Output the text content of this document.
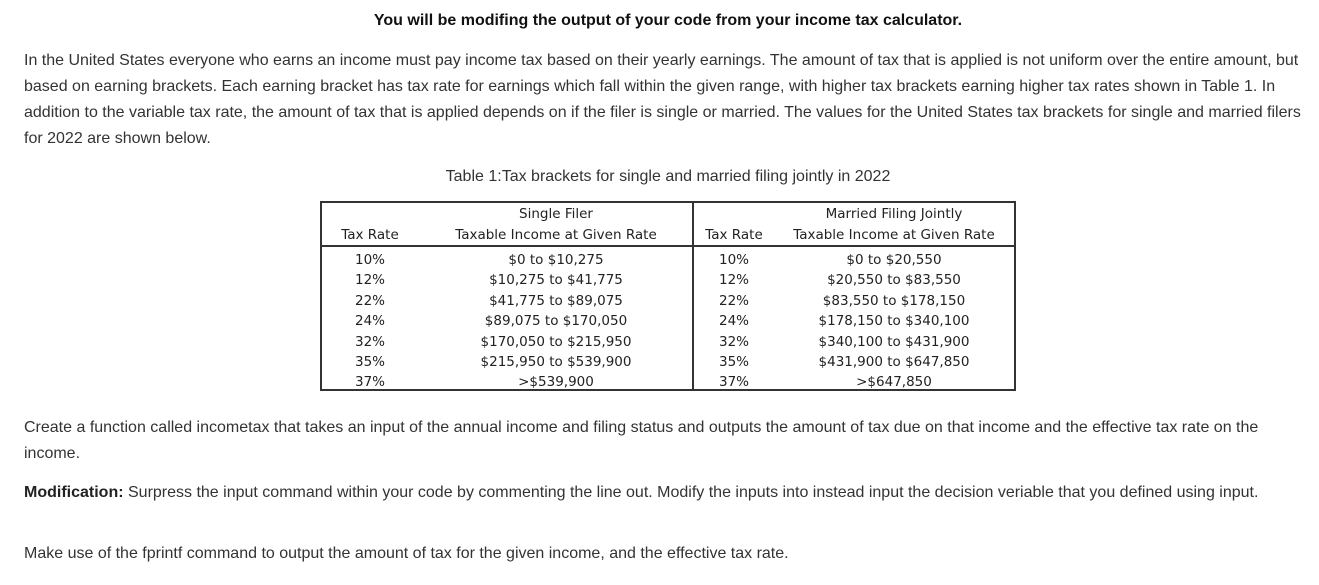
You will be modifing the output of your code from your income tax calculator.
In the United States everyone who earns an income must pay income tax based on their yearly earnings. The amount of tax that is applied is not uniform over the entire amount, but based on earning brackets. Each earning bracket has tax rate for earnings which fall within the given range, with higher tax brackets earning higher tax rates shown in Table 1. In addition to the variable tax rate, the amount of tax that is applied depends on if the filer is single or married. The values for the United States tax brackets for single and married filers for 2022 are shown below.
Table 1:Tax brackets for single and married filing jointly in 2022
Single Filer	Married Filing Jointly
Tax Rate	Taxable Income at Given Rate	Tax Rate	Taxable Income at Given Rate
10%	$0 to $10,275	10%	$0 to $20,550
12%	$10,275 to $41,775	12%	$20,550 to $83,550
22%	$41,775 to $89,075	22%	$83,550 to $178,150
24%	$89,075 to $170,050	24%	$178,150 to $340,100
32%	$170,050 to $215,950	32%	$340,100 to $431,900
35%	$215,950 to $539,900	35%	$431,900 to $647,850
37%	>$539,900	37%	>$647,850
Create a function called incometax that takes an input of the annual income and filing status and outputs the amount of tax due on that income and the effective tax rate on the income.
Modification: Surpress the input command within your code by commenting the line out. Modify the inputs into instead input the decision veriable that you defined using input.
Make use of the fprintf command to output the amount of tax for the given income, and the effective tax rate.
